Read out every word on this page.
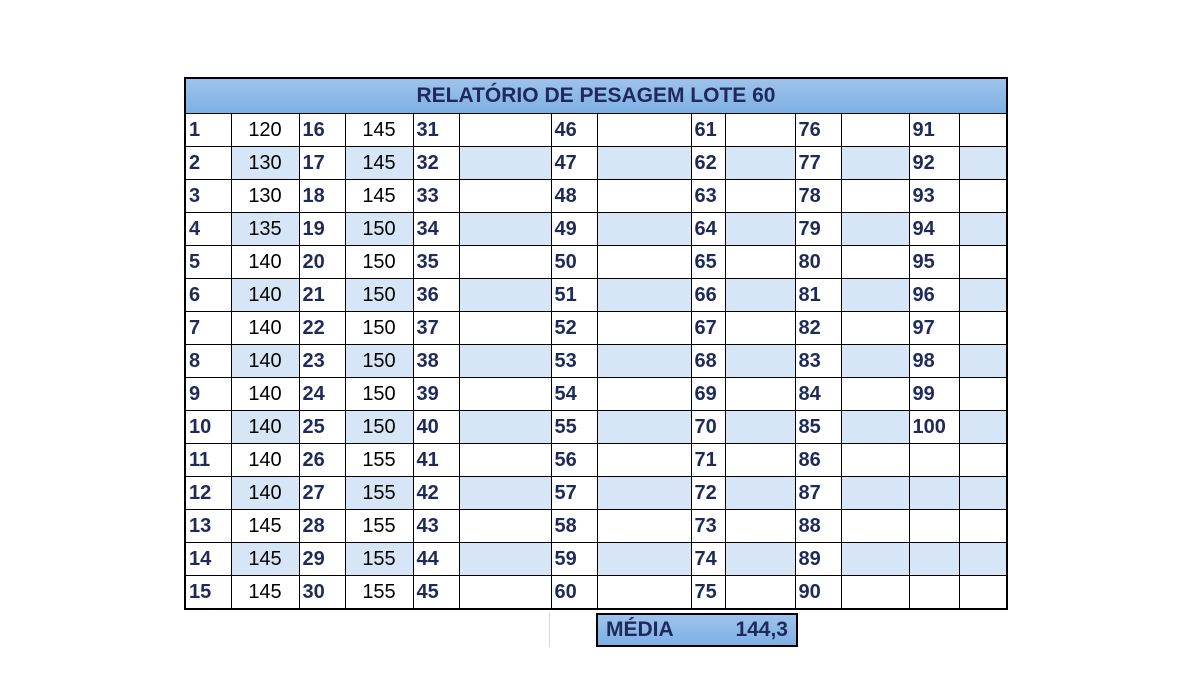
RELATÓRIO DE PESAGEM LOTE 60													
1	120	16	145	31		46		61		76		91	
2	130	17	145	32		47		62		77		92	
3	130	18	145	33		48		63		78		93	
4	135	19	150	34		49		64		79		94	
5	140	20	150	35		50		65		80		95	
6	140	21	150	36		51		66		81		96	
7	140	22	150	37		52		67		82		97	
8	140	23	150	38		53		68		83		98	
9	140	24	150	39		54		69		84		99	
10	140	25	150	40		55		70		85		100	
11	140	26	155	41		56		71		86			
12	140	27	155	42		57		72		87			
13	145	28	155	43		58		73		88			
14	145	29	155	44		59		74		89			
15	145	30	155	45		60		75		90			
MÉDIA	144,3
